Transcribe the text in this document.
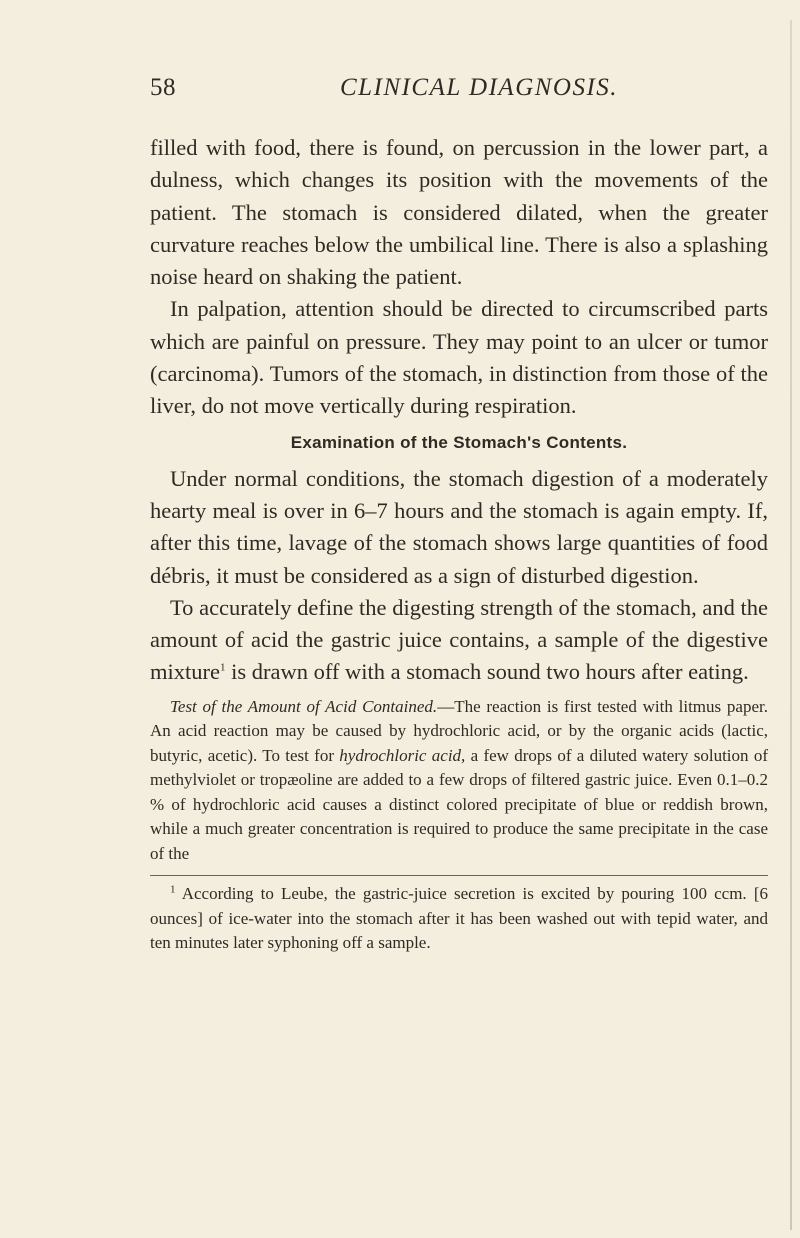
58	CLINICAL DIAGNOSIS.

filled with food, there is found, on percussion in the lower part, a dulness, which changes its position with the movements of the patient. The stomach is considered dilated, when the greater curvature reaches below the umbilical line. There is also a splashing noise heard on shaking the patient.

In palpation, attention should be directed to circumscribed parts which are painful on pressure. They may point to an ulcer or tumor (carcinoma). Tumors of the stomach, in distinction from those of the liver, do not move vertically during respiration.

Examination of the Stomach's Contents.

Under normal conditions, the stomach digestion of a moderately hearty meal is over in 6–7 hours and the stomach is again empty. If, after this time, lavage of the stomach shows large quantities of food débris, it must be considered as a sign of disturbed digestion.

To accurately define the digesting strength of the stomach, and the amount of acid the gastric juice contains, a sample of the digestive mixture$^1$ is drawn off with a stomach sound two hours after eating.

Test of the Amount of Acid Contained.—The reaction is first tested with litmus paper. An acid reaction may be caused by hydrochloric acid, or by the organic acids (lactic, butyric, acetic). To test for hydrochloric acid, a few drops of a diluted watery solution of methylviolet or tropæoline are added to a few drops of filtered gastric juice. Even 0.1–0.2 % of hydrochloric acid causes a distinct colored precipitate of blue or reddish brown, while a much greater concentration is required to produce the same precipitate in the case of the

$^1$ According to Leube, the gastric-juice secretion is excited by pouring 100 ccm. [6 ounces] of ice-water into the stomach after it has been washed out with tepid water, and ten minutes later syphoning off a sample.
